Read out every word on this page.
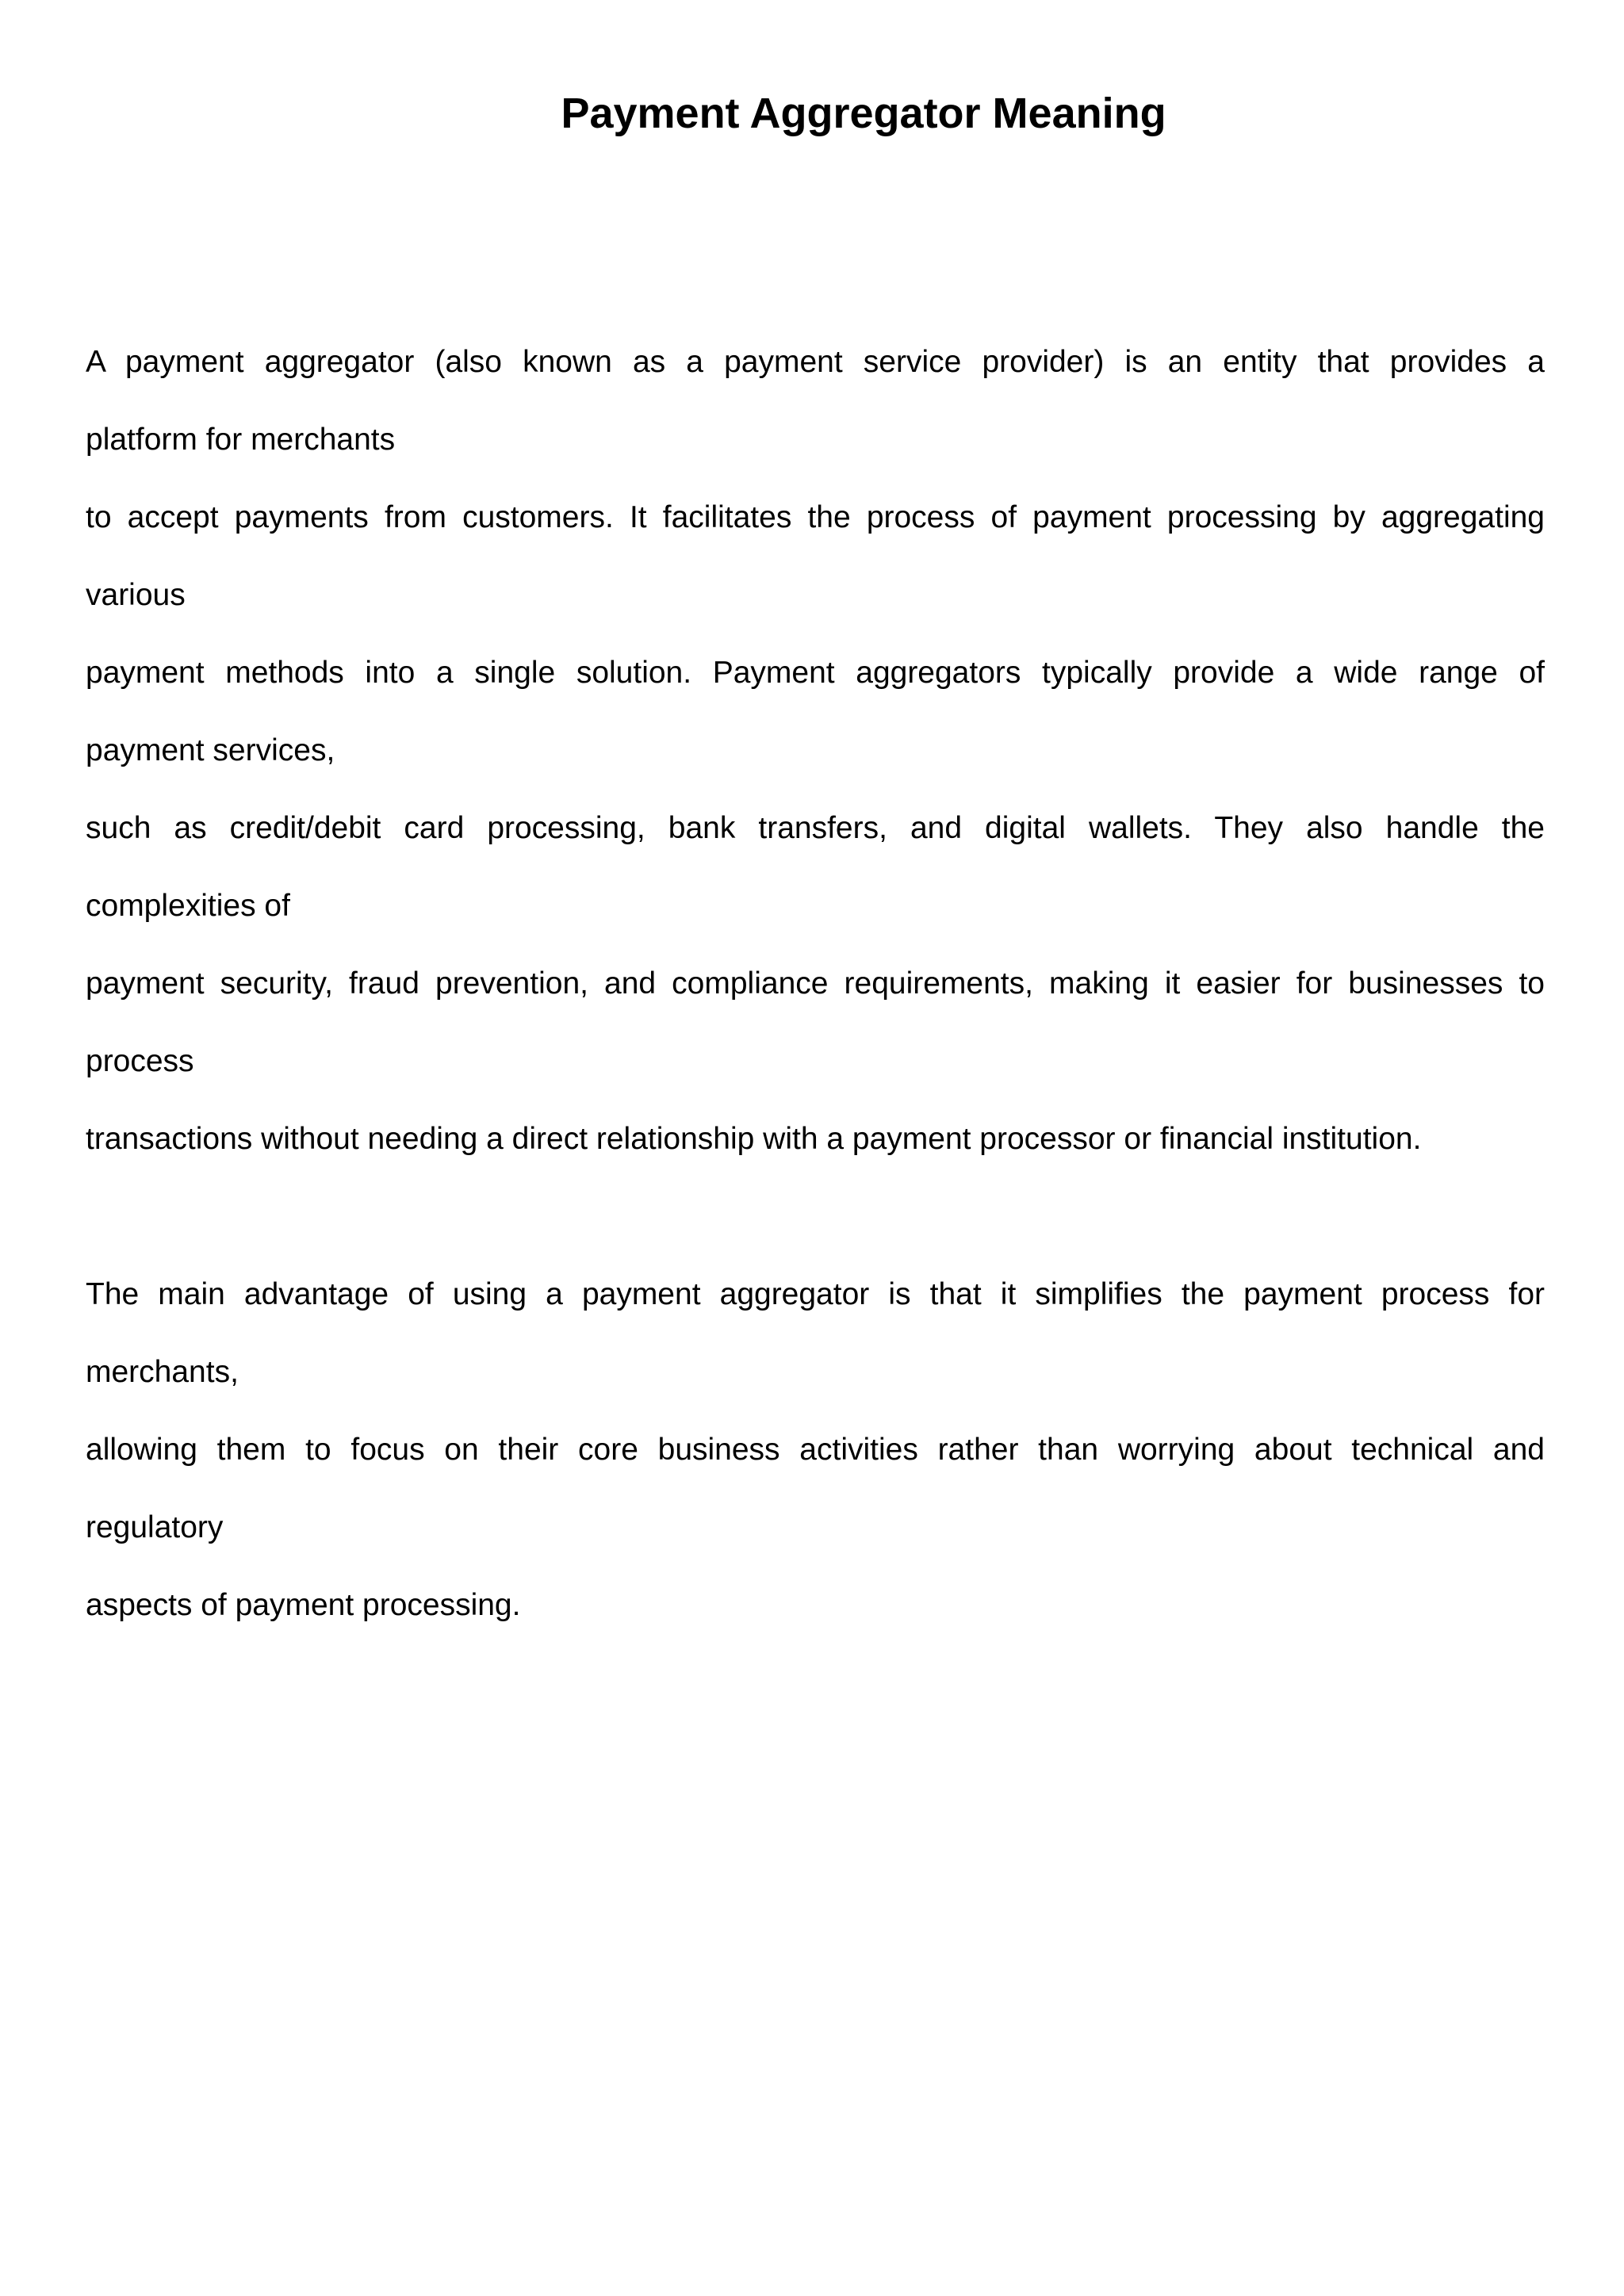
Payment Aggregator Meaning
A payment aggregator (also known as a payment service provider) is an entity that provides a
platform for merchants
to accept payments from customers. It facilitates the process of payment processing by aggregating
various
payment methods into a single solution. Payment aggregators typically provide a wide range of
payment services,
such as credit/debit card processing, bank transfers, and digital wallets. They also handle the
complexities of
payment security, fraud prevention, and compliance requirements, making it easier for businesses to
process
transactions without needing a direct relationship with a payment processor or financial institution.
The main advantage of using a payment aggregator is that it simplifies the payment process for
merchants,
allowing them to focus on their core business activities rather than worrying about technical and
regulatory
aspects of payment processing.
